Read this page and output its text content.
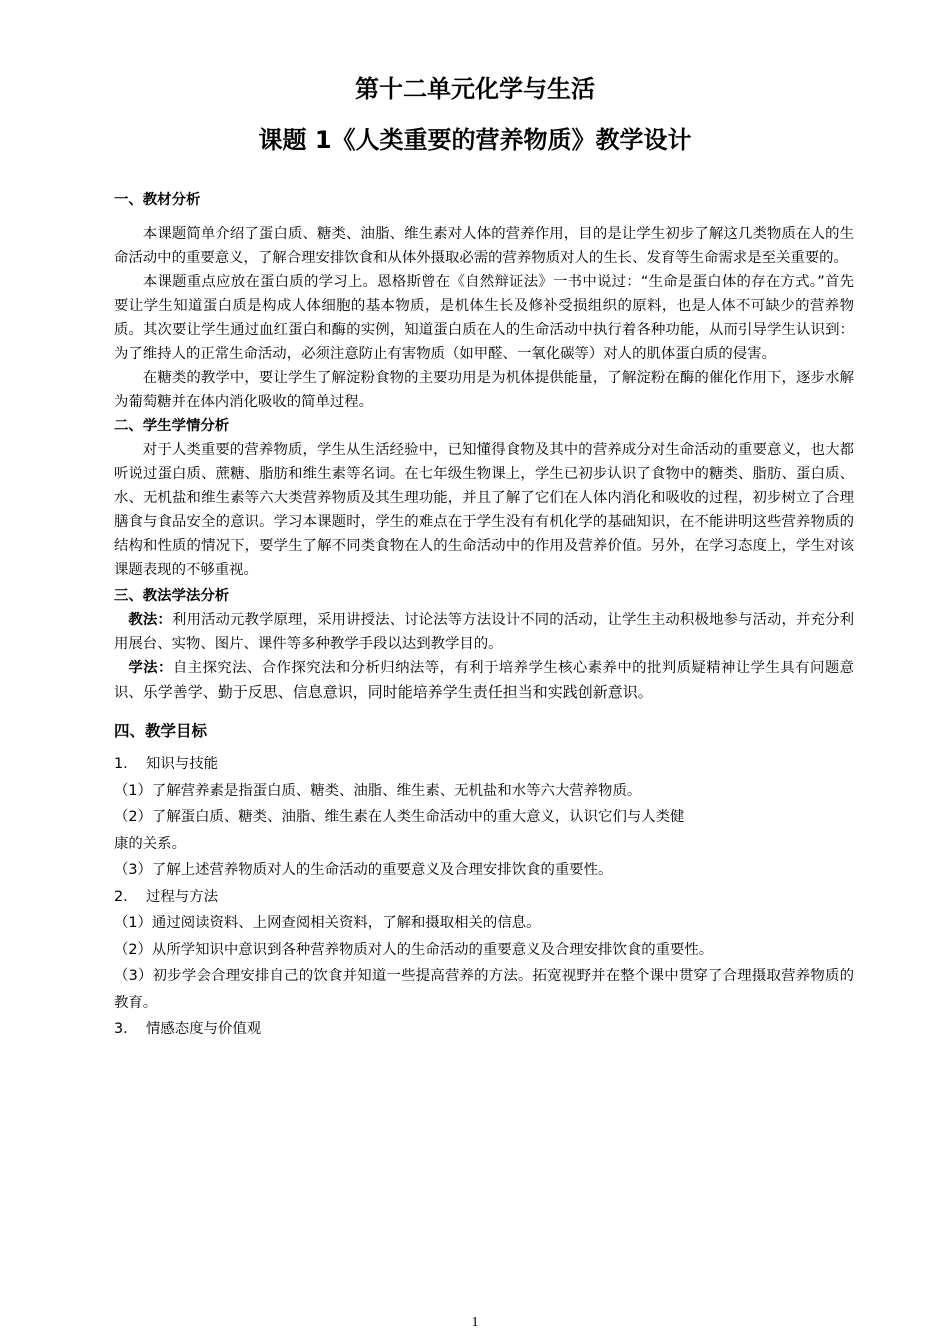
第十二单元化学与生活
课题 1《人类重要的营养物质》教学设计

一、教材分析

本课题简单介绍了蛋白质、糖类、油脂、维生素对人体的营养作用，目的是让学生初步了解这几类物质在人的生命活动中的重要意义，了解合理安排饮食和从体外摄取必需的营养物质对人的生长、发育等生命需求是至关重要的。

本课题重点应放在蛋白质的学习上。恩格斯曾在《自然辩证法》一书中说过：“生命是蛋白体的存在方式。”首先要让学生知道蛋白质是构成人体细胞的基本物质，是机体生长及修补受损组织的原料，也是人体不可缺少的营养物质。其次要让学生通过血红蛋白和酶的实例，知道蛋白质在人的生命活动中执行着各种功能，从而引导学生认识到：为了维持人的正常生命活动，必须注意防止有害物质（如甲醛、一氧化碳等）对人的肌体蛋白质的侵害。

在糖类的教学中，要让学生了解淀粉食物的主要功用是为机体提供能量，了解淀粉在酶的催化作用下，逐步水解为葡萄糖并在体内消化吸收的简单过程。

二、学生学情分析

对于人类重要的营养物质，学生从生活经验中，已知懂得食物及其中的营养成分对生命活动的重要意义，也大都听说过蛋白质、蔗糖、脂肪和维生素等名词。在七年级生物课上，学生已初步认识了食物中的糖类、脂肪、蛋白质、水、无机盐和维生素等六大类营养物质及其生理功能，并且了解了它们在人体内消化和吸收的过程，初步树立了合理膳食与食品安全的意识。学习本课题时，学生的难点在于学生没有有机化学的基础知识，在不能讲明这些营养物质的结构和性质的情况下，要学生了解不同类食物在人的生命活动中的作用及营养价值。另外，在学习态度上，学生对该课题表现的不够重视。

三、教法学法分析

教法：利用活动元教学原理，采用讲授法、讨论法等方法设计不同的活动，让学生主动积极地参与活动，并充分利用展台、实物、图片、课件等多种教学手段以达到教学目的。

学法：自主探究法、合作探究法和分析归纳法等，有利于培养学生核心素养中的批判质疑精神让学生具有问题意识、乐学善学、勤于反思、信息意识，同时能培养学生责任担当和实践创新意识。

四、教学目标

1.    知识与技能

（1）了解营养素是指蛋白质、糖类、油脂、维生素、无机盐和水等六大营养物质。

（2）了解蛋白质、糖类、油脂、维生素在人类生命活动中的重大意义，认识它们与人类健

康的关系。

（3）了解上述营养物质对人的生命活动的重要意义及合理安排饮食的重要性。

2.    过程与方法

（1）通过阅读资料、上网查阅相关资料，了解和摄取相关的信息。

（2）从所学知识中意识到各种营养物质对人的生命活动的重要意义及合理安排饮食的重要性。

（3）初步学会合理安排自己的饮食并知道一些提高营养的方法。拓宽视野并在整个课中贯穿了合理摄取营养物质的教育。

3.    情感态度与价值观

1
